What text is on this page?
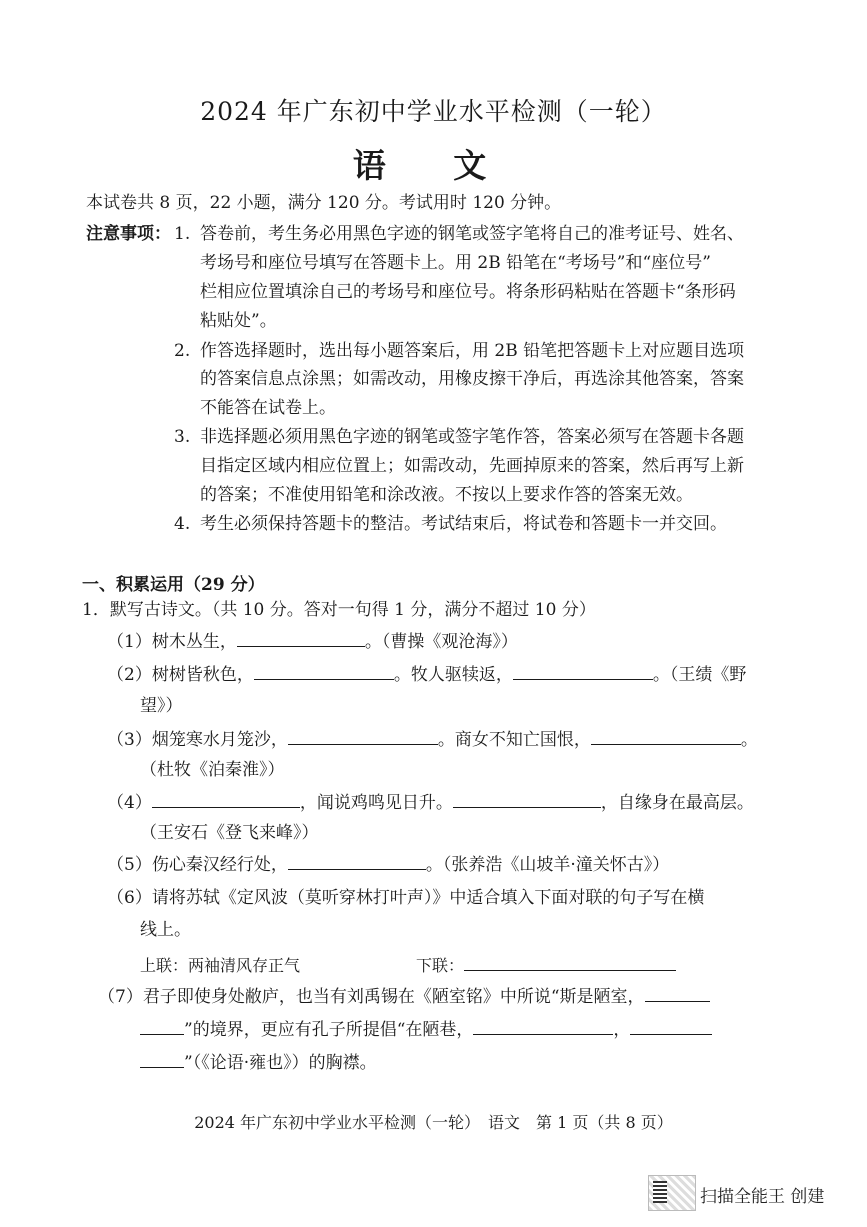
2024 年广东初中学业水平检测（一轮）
语 文
本试卷共 8 页，22 小题，满分 120 分。考试用时 120 分钟。
注意事项： 1. 答卷前，考生务必用黑色字迹的钢笔或签字笔将自己的准考证号、姓名、
考场号和座位号填写在答题卡上。用 2B 铅笔在“考场号”和“座位号”
栏相应位置填涂自己的考场号和座位号。将条形码粘贴在答题卡“条形码
粘贴处”。
2. 作答选择题时，选出每小题答案后，用 2B 铅笔把答题卡上对应题目选项
的答案信息点涂黑；如需改动，用橡皮擦干净后，再选涂其他答案，答案
不能答在试卷上。
3. 非选择题必须用黑色字迹的钢笔或签字笔作答，答案必须写在答题卡各题
目指定区域内相应位置上；如需改动，先画掉原来的答案，然后再写上新
的答案；不准使用铅笔和涂改液。不按以上要求作答的答案无效。
4. 考生必须保持答题卡的整洁。考试结束后，将试卷和答题卡一并交回。
一、积累运用（29 分）
1．默写古诗文。（共 10 分。答对一句得 1 分，满分不超过 10 分）
（1）树木丛生，	。（曹操《观沧海》）
（2）树树皆秋色，	。牧人驱犊返，	。（王绩《野
望》）
（3）烟笼寒水月笼沙，	。商女不知亡国恨，	。
（杜牧《泊秦淮》）
（4）	，闻说鸡鸣见日升。	，自缘身在最高层。
（王安石《登飞来峰》）
（5）伤心秦汉经行处，	。（张养浩《山坡羊·潼关怀古》）
（6）请将苏轼《定风波（莫听穿林打叶声）》中适合填入下面对联的句子写在横
线上。
上联：两袖清风存正气	下联：
（7）君子即使身处敝庐，也当有刘禹锡在《陋室铭》中所说“斯是陋室，
”的境界，更应有孔子所提倡“在陋巷，	，
”（《论语·雍也》）的胸襟。
2024 年广东初中学业水平检测（一轮）　语文　第 1 页（共 8 页）
扫描全能王 创建
